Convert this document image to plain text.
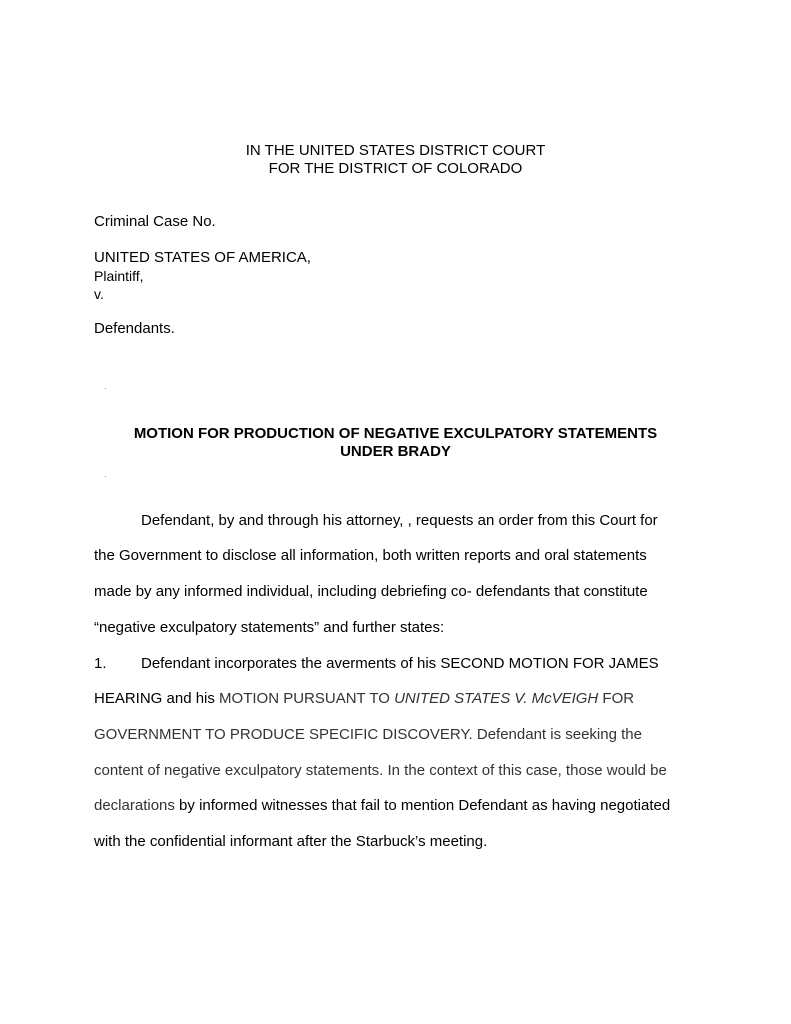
IN THE UNITED STATES DISTRICT COURT
FOR THE DISTRICT OF COLORADO
Criminal Case No.
UNITED STATES OF AMERICA,
Plaintiff,
v.
Defendants.
MOTION FOR PRODUCTION OF NEGATIVE EXCULPATORY STATEMENTS
UNDER BRADY
Defendant, by and through his attorney, , requests an order from this Court for
the Government to disclose all information, both written reports and oral statements
made by any informed individual, including debriefing co- defendants that constitute
“negative exculpatory statements” and further states:
1. Defendant incorporates the averments of his SECOND MOTION FOR JAMES
HEARING and his MOTION PURSUANT TO UNITED STATES V. McVEIGH FOR
GOVERNMENT TO PRODUCE SPECIFIC DISCOVERY. Defendant is seeking the
content of negative exculpatory statements. In the context of this case, those would be
declarations by informed witnesses that fail to mention Defendant as having negotiated
with the confidential informant after the Starbuck’s meeting.
